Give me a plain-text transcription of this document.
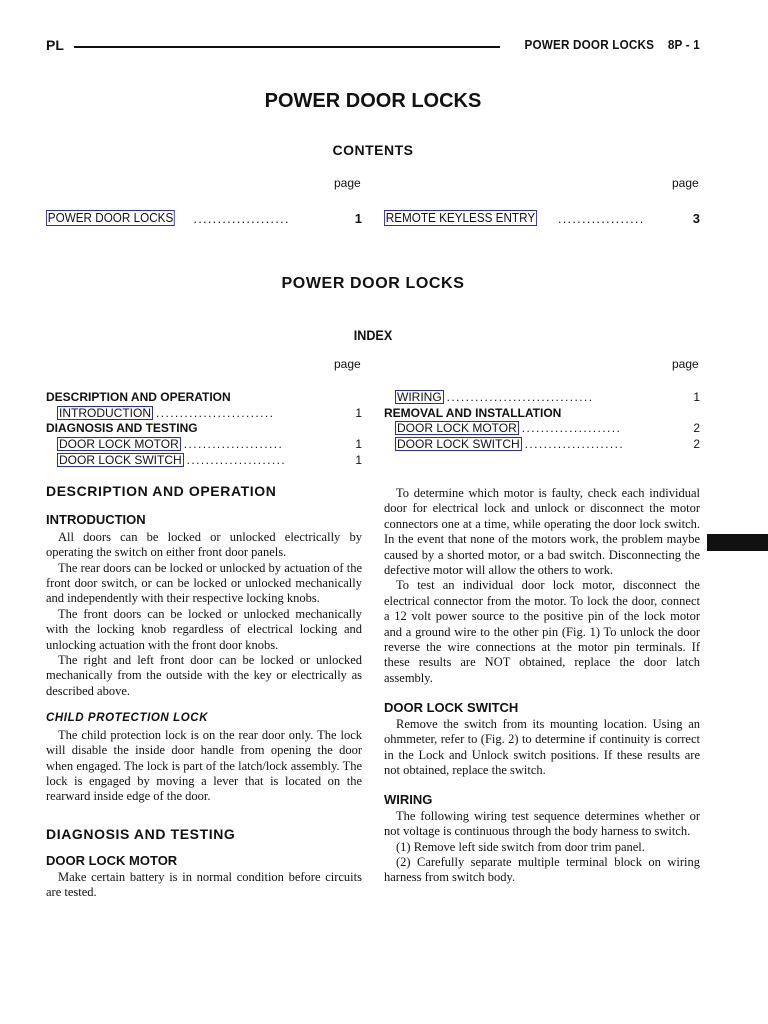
PL	POWER DOOR LOCKS    8P - 1
POWER DOOR LOCKS
CONTENTS
page	page
POWER DOOR LOCKS ....................	1 REMOTE KEYLESS ENTRY ..................	3
POWER DOOR LOCKS
INDEX
page	page
DESCRIPTION AND OPERATION
INTRODUCTION .........................	1
DIAGNOSIS AND TESTING
DOOR LOCK MOTOR .....................	1
DOOR LOCK SWITCH .....................	1
WIRING ...............................	1
REMOVAL AND INSTALLATION
DOOR LOCK MOTOR .....................	2
DOOR LOCK SWITCH .....................	2
DESCRIPTION AND OPERATION
INTRODUCTION

All doors can be locked or unlocked electrically by operating the switch on either front door panels.

The rear doors can be locked or unlocked by actuation of the front door switch, or can be locked or unlocked mechanically and independently with their respective locking knobs.

The front doors can be locked or unlocked mechanically with the locking knob regardless of electrical locking and unlocking actuation with the front door knobs.

The right and left front door can be locked or unlocked mechanically from the outside with the key or electrically as described above.

CHILD PROTECTION LOCK

The child protection lock is on the rear door only. The lock will disable the inside door handle from opening the door when engaged. The lock is part of the latch/lock assembly. The lock is engaged by moving a lever that is located on the rearward inside edge of the door.

DIAGNOSIS AND TESTING
DOOR LOCK MOTOR

Make certain battery is in normal condition before circuits are tested.

To determine which motor is faulty, check each individual door for electrical lock and unlock or disconnect the motor connectors one at a time, while operating the door lock switch. In the event that none of the motors work, the problem maybe caused by a shorted motor, or a bad switch. Disconnecting the defective motor will allow the others to work.

To test an individual door lock motor, disconnect the electrical connector from the motor. To lock the door, connect a 12 volt power source to the positive pin of the lock motor and a ground wire to the other pin (Fig. 1) To unlock the door reverse the wire connections at the motor pin terminals. If these results are NOT obtained, replace the door latch assembly.

DOOR LOCK SWITCH

Remove the switch from its mounting location. Using an ohmmeter, refer to (Fig. 2) to determine if continuity is correct in the Lock and Unlock switch positions. If these results are not obtained, replace the switch.

WIRING

The following wiring test sequence determines whether or not voltage is continuous through the body harness to switch.

(1) Remove left side switch from door trim panel.

(2) Carefully separate multiple terminal block on wiring harness from switch body.
